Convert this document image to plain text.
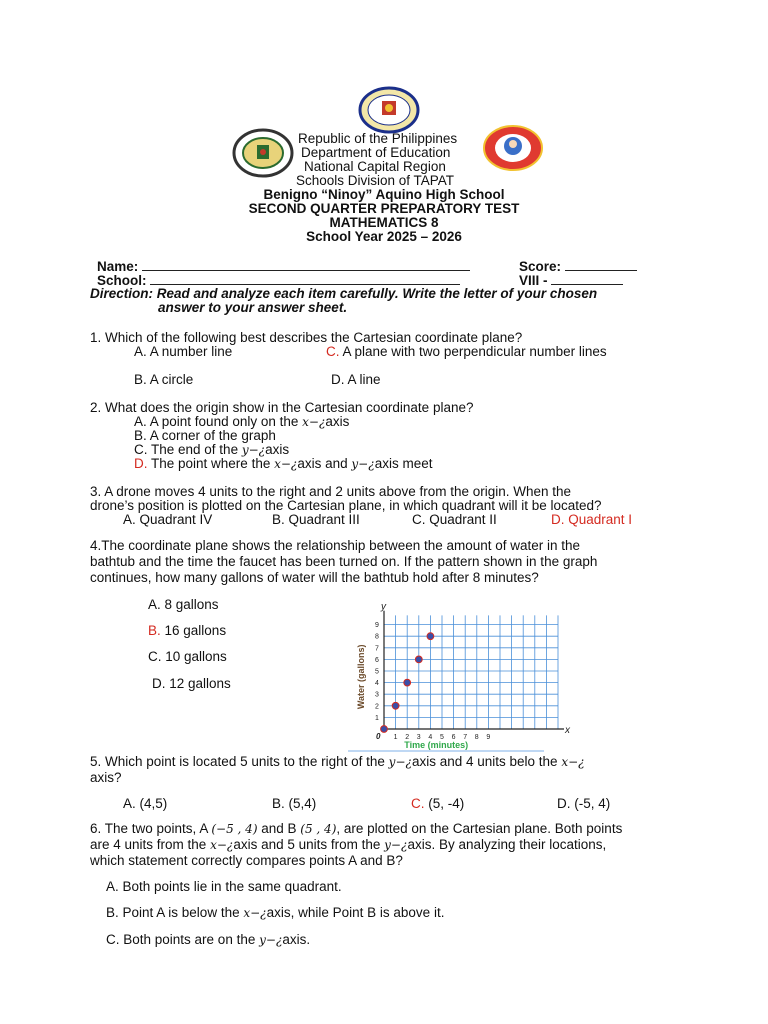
Republic of the Philippines
Department of Education
National Capital Region
Schools Division of TAPAT
Benigno “Ninoy” Aquino High School
SECOND QUARTER PREPARATORY TEST
MATHEMATICS 8
School Year 2025 – 2026
Name:
School:
Score:
VIII -
Direction: Read and analyze each item carefully. Write the letter of your chosen
answer to your answer sheet.
1. Which of the following best describes the Cartesian coordinate plane?
A. A number line	C. A plane with two perpendicular number lines
B. A circle	D. A line
2. What does the origin show in the Cartesian coordinate plane?
A. A point found only on the x−¿axis
B. A corner of the graph
C. The end of the y−¿axis
D. The point where the x−¿axis and y−¿axis meet
3. A drone moves 4 units to the right and 2 units above from the origin. When the
drone’s position is plotted on the Cartesian plane, in which quadrant will it be located?
A. Quadrant IV	B. Quadrant III	C. Quadrant II	D. Quadrant I
4.The coordinate plane shows the relationship between the amount of water in the
bathtub and the time the faucet has been turned on. If the pattern shown in the graph
continues, how many gallons of water will the bathtub hold after 8 minutes?
A. 8 gallons
B. 16 gallons
C. 10 gallons
D. 12 gallons
x
y
0 1 2 3 4 5 6 7 8 9
1
2
3
4
5
6
7
8
9
Time (minutes)
Water (gallons)
5. Which point is located 5 units to the right of the y−¿axis and 4 units belo the x−¿
axis?
A. (4,5)	B. (5,4)	C. (5, -4)	D. (-5, 4)
6. The two points, A (−5 , 4) and B (5 , 4), are plotted on the Cartesian plane. Both points
are 4 units from the x−¿axis and 5 units from the y−¿axis. By analyzing their locations,
which statement correctly compares points A and B?
A. Both points lie in the same quadrant.
B. Point A is below the x−¿axis, while Point B is above it.
C. Both points are on the y−¿axis.
